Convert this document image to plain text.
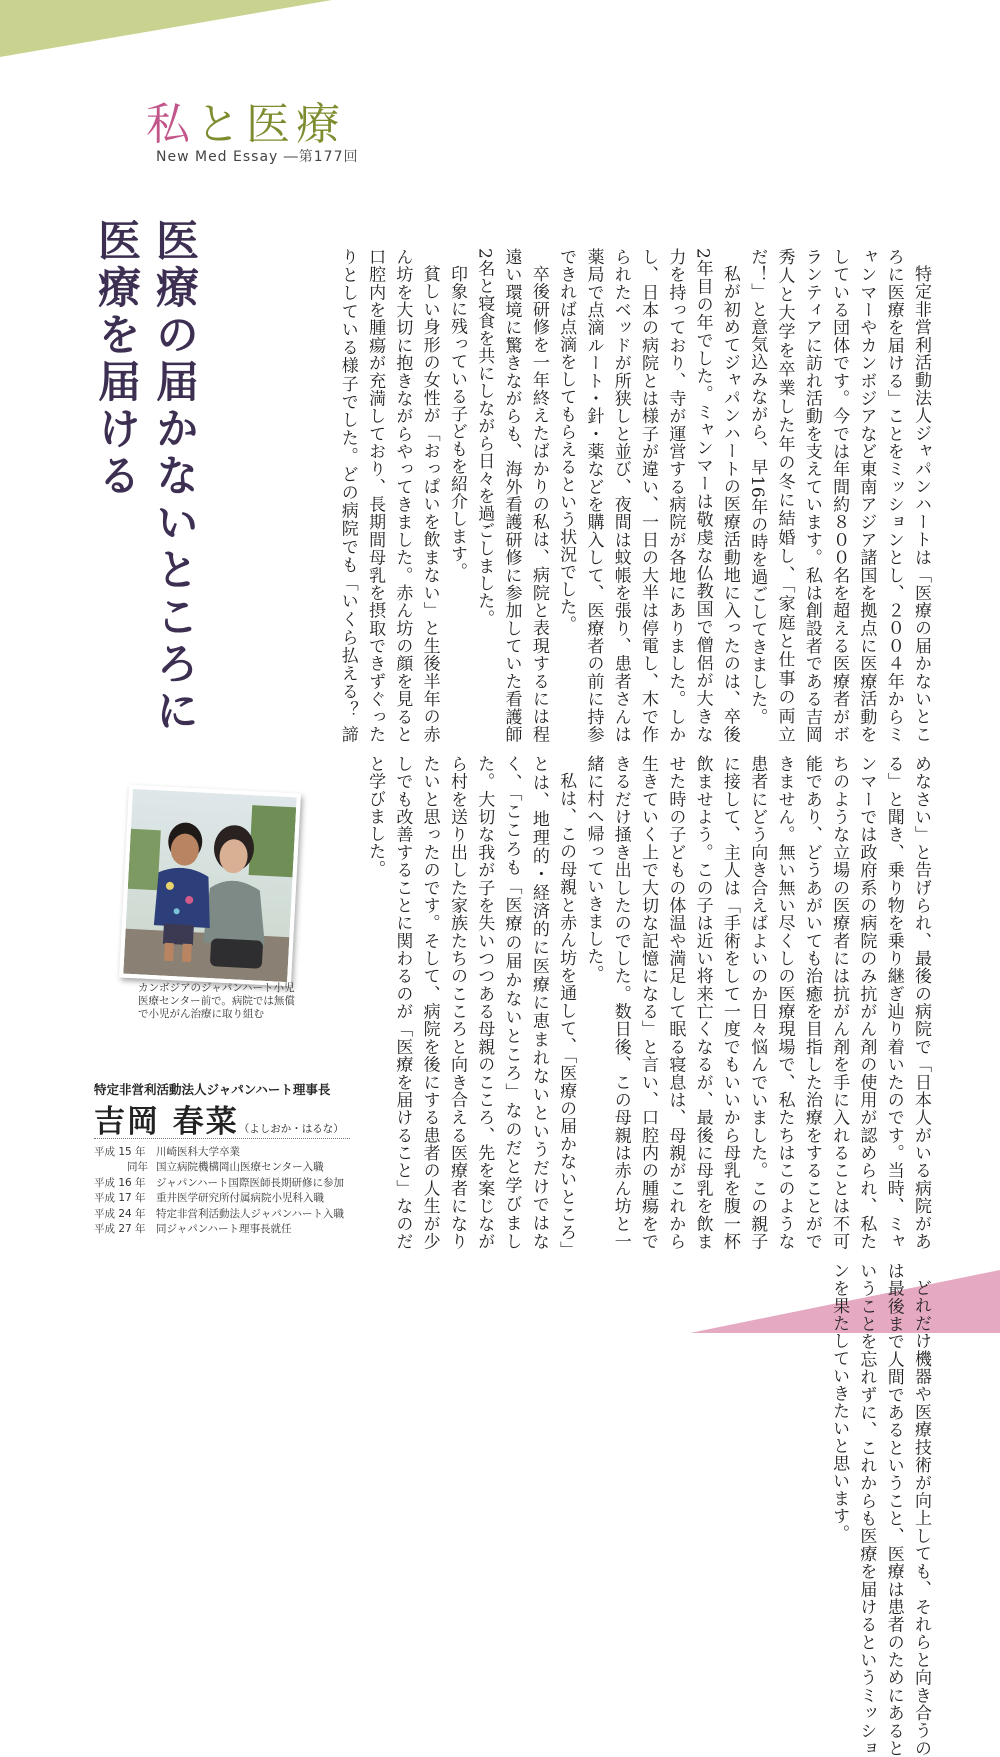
私と医療
New Med Essay ―第177回
医療の届かないところに
医療を届ける	特定非営利活動法人ジャパンハートは「医療の届かないところに医療を届ける」ことをミッションとし、２００４年からミャンマーやカンボジアなど東南アジア諸国を拠点に医療活動をしている団体です。今では年間約８００名を超える医療者がボランティアに訪れ活動を支えています。私は創設者である吉岡秀人と大学を卒業した年の冬に結婚し、「家庭と仕事の両立だ！」と意気込みながら、早16年の時を過ごしてきました。

私が初めてジャパンハートの医療活動地に入ったのは、卒後2年目の年でした。ミャンマーは敬虔な仏教国で僧侶が大きな力を持っており、寺が運営する病院が各地にありました。しかし、日本の病院とは様子が違い、一日の大半は停電し、木で作られたベッドが所狭しと並び、夜間は蚊帳を張り、患者さんは薬局で点滴ルート・針・薬などを購入して、医療者の前に持参できれば点滴をしてもらえるという状況でした。

卒後研修を一年終えたばかりの私は、病院と表現するには程遠い環境に驚きながらも、海外看護研修に参加していた看護師2名と寝食を共にしながら日々を過ごしました。

印象に残っている子どもを紹介します。

貧しい身形の女性が「おっぱいを飲まない」と生後半年の赤ん坊を大切に抱きながらやってきました。赤ん坊の顔を見ると口腔内を腫瘍が充満しており、長期間母乳を摂取できずぐったりとしている様子でした。どの病院でも「いくら払える？ 諦めなさい」と告げられ、最後の病院で「日本人がいる病院がある」と聞き、乗り物を乗り継ぎ辿り着いたのです。当時、ミャンマーでは政府系の病院のみ抗がん剤の使用が認められ、私たちのような立場の医療者には抗がん剤を手に入れることは不可能であり、どうあがいても治癒を目指した治療をすることができません。無い無い尽くしの医療現場で、私たちはこのような患者にどう向き合えばよいのか日々悩んでいました。この親子に接して、主人は「手術をして一度でもいいから母乳を腹一杯飲ませよう。この子は近い将来亡くなるが、最後に母乳を飲ませた時の子どもの体温や満足して眠る寝息は、母親がこれから生きていく上で大切な記憶になる」と言い、口腔内の腫瘍をできるだけ掻き出したのでした。数日後、この母親は赤ん坊と一緒に村へ帰っていきました。

私は、この母親と赤ん坊を通して、「医療の届かないところ」とは、地理的・経済的に医療に恵まれないというだけではなく、「こころも「医療の届かないところ」なのだと学びました。大切な我が子を失いつつある母親のこころ、先を案じながら村を送り出した家族たちのこころと向き合える医療者になりたいと思ったのです。そして、病院を後にする患者の人生が少しでも改善することに関わるのが「医療を届けること」なのだと学びました。

どれだけ機器や医療技術が向上しても、それらと向き合うのは最後まで人間であるということ、医療は患者のためにあるということを忘れずに、これからも医療を届けるというミッションを果たしていきたいと思います。

カンボジアのジャパンハート小児医療センター前で。病院では無償で小児がん治療に取り組む
特定非営利活動法人ジャパンハート理事長
吉岡 春菜（よしおか・はるな）
平成 15 年 川崎医科大学卒業
同年 国立病院機構岡山医療センター入職
平成 16 年 ジャパンハート国際医師長期研修に参加
平成 17 年 重井医学研究所付属病院小児科入職
平成 24 年 特定非営利活動法人ジャパンハート入職
平成 27 年 同ジャパンハート理事長就任
